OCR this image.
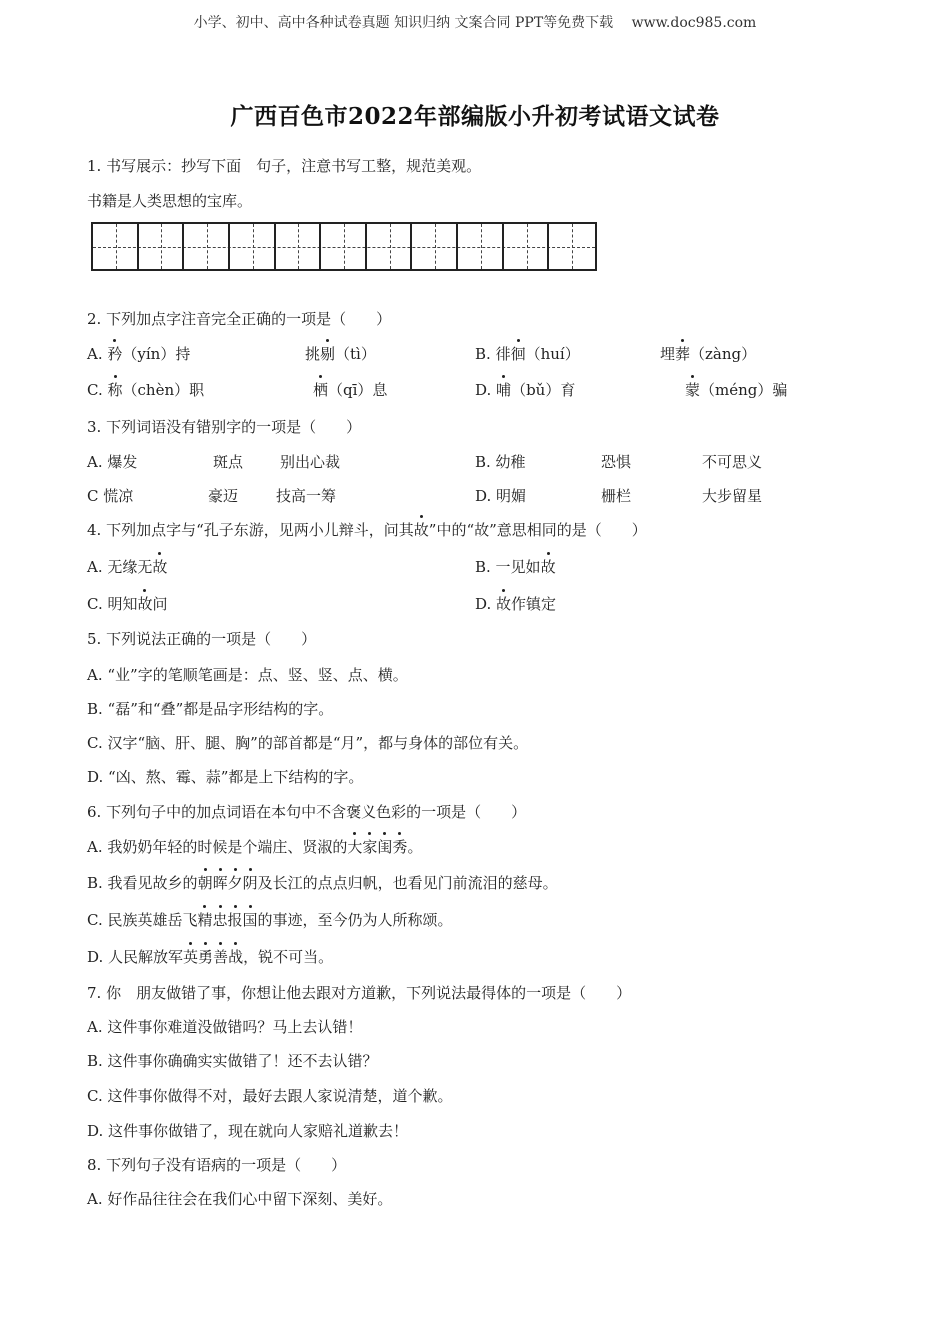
小学、初中、高中各种试卷真题 知识归纳 文案合同 PPT等免费下载　 www.doc985.com
广西百色市2022年部编版小升初考试语文试卷
1. 书写展示：抄写下面　句子，注意书写工整，规范美观。
书籍是人类思想的宝库。
2. 下列加点字注音完全正确的一项是（　　）
A. 矜（yín）持	挑剔（tì）	B. 徘徊（huí）	埋葬（zàng）
C. 称（chèn）职	栖（qī）息	D. 哺（bǔ）育	蒙（méng）骗
3. 下列词语没有错别字的一项是（　　）
A. 爆发	斑点 别出心裁	B. 幼稚	恐惧	不可思义
C 慌凉	豪迈	技高一筹	D. 明媚	栅栏	大步留星
4. 下列加点字与“孔子东游，见两小儿辩斗，问其故”中的“故”意思相同的是（　　）
A. 无缘无故	B. 一见如故
C. 明知故问	D. 故作镇定
5. 下列说法正确的一项是（　　）
A. “业”字的笔顺笔画是：点、竖、竖、点、横。
B. “磊”和“叠”都是品字形结构的字。
C. 汉字“脑、肝、腿、胸”的部首都是“月”，都与身体的部位有关。
D. “凶、熬、霉、蒜”都是上下结构的字。
6. 下列句子中的加点词语在本句中不含褒义色彩的一项是（　　）
A. 我奶奶年轻的时候是个端庄、贤淑的大家闺秀。
B. 我看见故乡的朝晖夕阴及长江的点点归帆，也看见门前流泪的慈母。
C. 民族英雄岳飞精忠报国的事迹，至今仍为人所称颂。
D. 人民解放军英勇善战，锐不可当。
7. 你　朋友做错了事，你想让他去跟对方道歉，下列说法最得体的一项是（　　）
A. 这件事你难道没做错吗？马上去认错！
B. 这件事你确确实实做错了！还不去认错？
C. 这件事你做得不对，最好去跟人家说清楚，道个歉。
D. 这件事你做错了，现在就向人家赔礼道歉去！
8. 下列句子没有语病的一项是（　　）
A. 好作品往往会在我们心中留下深刻、美好。
